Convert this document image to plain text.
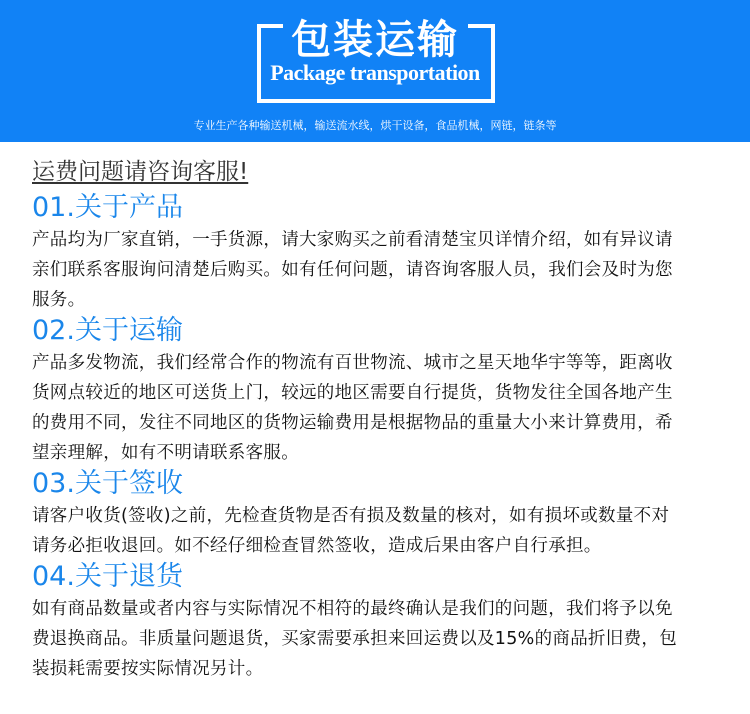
包装运输
Package transportation
专业生产各种输送机械，输送流水线，烘干设备，食品机械，网链，链条等
运费问题请咨询客服!
01.关于产品
产品均为厂家直销，一手货源，请大家购买之前看清楚宝贝详情介绍，如有异议请
亲们联系客服询问清楚后购买。如有任何问题，请咨询客服人员，我们会及时为您
服务。
02.关于运输
产品多发物流，我们经常合作的物流有百世物流、城市之星天地华宇等等，距离收
货网点较近的地区可送货上门，较远的地区需要自行提货，货物发往全国各地产生
的费用不同，发往不同地区的货物运输费用是根据物品的重量大小来计算费用，希
望亲理解，如有不明请联系客服。
03.关于签收
请客户收货(签收)之前，先检查货物是否有损及数量的核对，如有损坏或数量不对
请务必拒收退回。如不经仔细检查冒然签收，造成后果由客户自行承担。
04.关于退货
如有商品数量或者内容与实际情况不相符的最终确认是我们的问题，我们将予以免
费退换商品。非质量问题退货，买家需要承担来回运费以及15%的商品折旧费，包
装损耗需要按实际情况另计。
